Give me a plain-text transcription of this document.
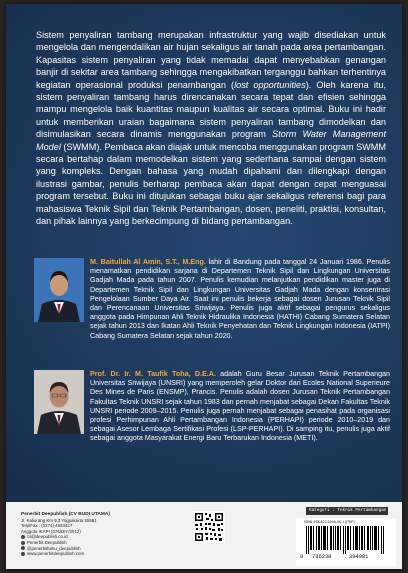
Sistem penyaliran tambang merupakan infrastruktur yang wajib disediakan untuk mengelola dan mengendalikan air hujan sekaligus air tanah pada area pertambangan. Kapasitas sistem penyaliran yang tidak memadai dapat menyebabkan genangan banjir di sekitar area tambang sehingga mengakibatkan terganggu bahkan terhentinya kegiatan operasional produksi penambangan (lost opportunities). Oleh karena itu, sistem penyaliran tambang harus direncanakan secara tepat dan efisien sehingga mampu mengelola baik kuantitas maupun kualitas air secara optimal. Buku ini hadir untuk memberikan uraian bagaimana sistem penyaliran tambang dimodelkan dan disimulasikan secara dinamis menggunakan program Storm Water Management Model (SWMM). Pembaca akan diajak untuk mencoba menggunakan program SWMM secara bertahap dalam memodelkan sistem yang sederhana sampai dengan sistem yang kompleks. Dengan bahasa yang mudah dipahami dan dilengkapi dengan ilustrasi gambar, penulis berharap pembaca akan dapat dengan cepat menguasai program tersebut. Buku ini ditujukan sebagai buku ajar sekaligus referensi bagi para mahasiswa Teknik Sipil dan Teknik Pertambangan, dosen, peneliti, praktisi, konsultan, dan pihak lainnya yang berkecimpung di bidang pertambangan.

M. Baitullah Al Amin, S.T., M.Eng. lahir di Bandung pada tanggal 24 Januari 1986. Penulis menamatkan pendidikan sarjana di Departemen Teknik Sipil dan Lingkungan Universitas Gadjah Mada pada tahun 2007. Penulis kemudian melanjutkan pendidikan master juga di Departemen Teknik Sipil dan Lingkungan Universitas Gadjah Mada dengan konsentrasi Pengelolaan Sumber Daya Air. Saat ini penulis bekerja sebagai dosen Jurusan Teknik Sipil dan Perencanaan Universitas Sriwijaya. Penulis juga aktif sebagai pengurus sekaligus anggota pada Himpunan Ahli Teknik Hidraulika Indonesia (HATHI) Cabang Sumatera Selatan sejak tahun 2013 dan Ikatan Ahli Teknik Penyehatan dan Teknik Lingkungan Indonesia (IATPI) Cabang Sumatera Selatan sejak tahun 2020.

Prof. Dr. Ir. M. Taufik Toha, D.E.A. adalah Guru Besar Jurusan Teknik Pertambangan Universitas Sriwijaya (UNSRI) yang memperoleh gelar Doktor dari Ecoles National Superieure Des Mines de Paris (ENSMP), Prancis. Penulis adalah dosen Jurusan Teknik Pertambangan Fakultas Teknik UNSRI sejak tahun 1983 dan pernah menjabat sebagai Dekan Fakultas Teknik UNSRI periode 2009–2015. Penulis juga pernah menjabat sebagai penasihat pada organisasi profesi Perhimpunan Ahli Pertambangan Indonesia (PERHAPI) periode 2010–2019 dan sebagai Asesor Lembaga Sertifikasi Profesi (LSP-PERHAPI). Di samping itu, penulis juga aktif sebagai anggota Masyarakat Energi Baru Terbarukan Indonesia (METI).

Penerbit Deepublish (CV BUDI UTAMA)
Jl. Kaliurang Km 9,3 Yogyakarta 55581
Telp/Fax : (0274) 4533427
Anggota IKAPI (076/DIY/2012)
cs@deepublish.co.id
Penerbit Deepublish
@penerbitbuku_deepublish
www.penerbitdeepublish.com
Kategori : Teknik Pertambangan
ISBN 978-623-0006-06-1 (PDF)
9 786238	394081
